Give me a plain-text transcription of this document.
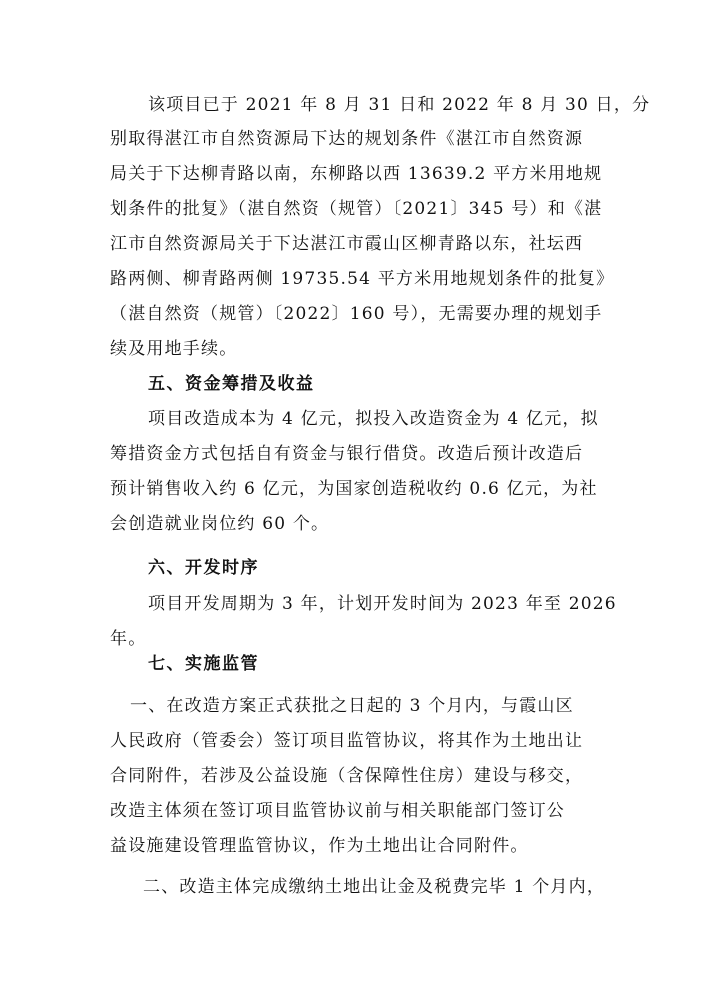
该项目已于 2021 年 8 月 31 日和 2022 年 8 月 30 日，分
别取得湛江市自然资源局下达的规划条件《湛江市自然资源
局关于下达柳青路以南，东柳路以西 13639.2 平方米用地规
划条件的批复》（湛自然资（规管）〔2021〕345 号）和《湛
江市自然资源局关于下达湛江市霞山区柳青路以东，社坛西
路两侧、柳青路两侧 19735.54 平方米用地规划条件的批复》
（湛自然资（规管）〔2022〕160 号），无需要办理的规划手
续及用地手续。
五、资金筹措及收益
项目改造成本为 4 亿元，拟投入改造资金为 4 亿元，拟
筹措资金方式包括自有资金与银行借贷。改造后预计改造后
预计销售收入约 6 亿元，为国家创造税收约 0.6 亿元，为社
会创造就业岗位约 60 个。
六、开发时序
项目开发周期为 3 年，计划开发时间为 2023 年至 2026
年。
七、实施监管
一、在改造方案正式获批之日起的 3 个月内，与霞山区
人民政府（管委会）签订项目监管协议，将其作为土地出让
合同附件，若涉及公益设施（含保障性住房）建设与移交，
改造主体须在签订项目监管协议前与相关职能部门签订公
益设施建设管理监管协议，作为土地出让合同附件。
二、改造主体完成缴纳土地出让金及税费完毕 1 个月内，
